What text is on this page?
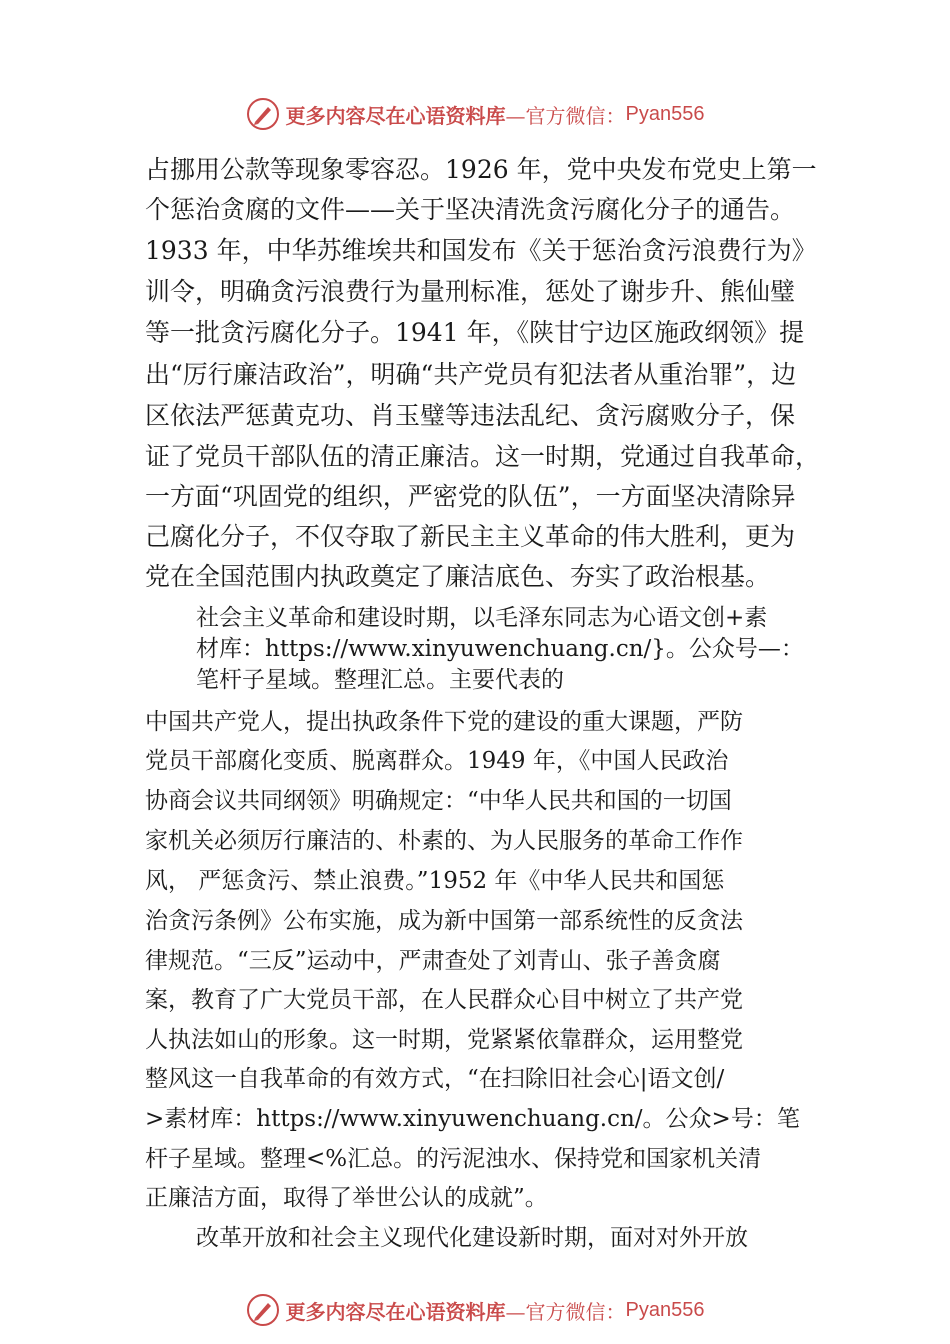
更多内容尽在心语资料库 —官方微信： Pyan556
占挪用公款等现象零容忍。1926 年，党中央发布党史上第一
个惩治贪腐的文件——关于坚决清洗贪污腐化分子的通告。
1933 年，中华苏维埃共和国发布《关于惩治贪污浪费行为》
训令，明确贪污浪费行为量刑标准，惩处了谢步升、熊仙璧
等一批贪污腐化分子。1941 年，《陕甘宁边区施政纲领》提
出“厉行廉洁政治”，明确“共产党员有犯法者从重治罪”，边
区依法严惩黄克功、肖玉璧等违法乱纪、贪污腐败分子，保
证了党员干部队伍的清正廉洁。这一时期，党通过自我革命，
一方面“巩固党的组织，严密党的队伍”，一方面坚决清除异
己腐化分子，不仅夺取了新民主主义革命的伟大胜利，更为
党在全国范围内执政奠定了廉洁底色、夯实了政治根基。
社会主义革命和建设时期，以毛泽东同志为心语文创+素
材库：https://www.xinyuwenchuang.cn/}。公众号—：
笔杆子星域。整理汇总。主要代表的
中国共产党人，提出执政条件下党的建设的重大课题，严防
党员干部腐化变质、脱离群众。1949 年，《中国人民政治
协商会议共同纲领》明确规定：“中华人民共和国的一切国
家机关必须厉行廉洁的、朴素的、为人民服务的革命工作作
风， 严惩贪污、禁止浪费。”1952 年《中华人民共和国惩
治贪污条例》公布实施，成为新中国第一部系统性的反贪法
律规范。“三反”运动中，严肃查处了刘青山、张子善贪腐
案，教育了广大党员干部，在人民群众心目中树立了共产党
人执法如山的形象。这一时期，党紧紧依靠群众，运用整党
整风这一自我革命的有效方式，“在扫除旧社会心|语文创/
>素材库：https://www.xinyuwenchuang.cn/。公众>号：笔
杆子星域。整理<%汇总。的污泥浊水、保持党和国家机关清
正廉洁方面，取得了举世公认的成就”。
改革开放和社会主义现代化建设新时期，面对对外开放
更多内容尽在心语资料库 —官方微信： Pyan556
